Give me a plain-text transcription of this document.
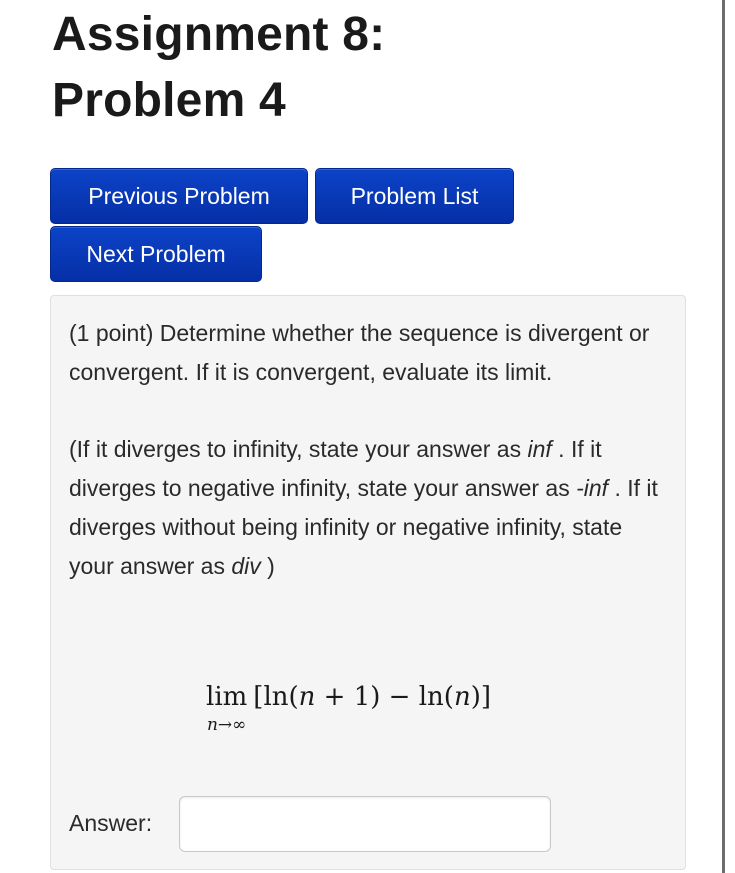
Assignment 8:
Problem 4
Previous Problem	Problem List
Next Problem

(1 point) Determine whether the sequence is divergent or convergent. If it is convergent, evaluate its limit.

(If it diverges to infinity, state your answer as inf . If it diverges to negative infinity, state your answer as -inf . If it diverges without being infinity or negative infinity, state your answer as div )

lim
n→∞
[ln(n + 1) − ln(n)]
Answer:
